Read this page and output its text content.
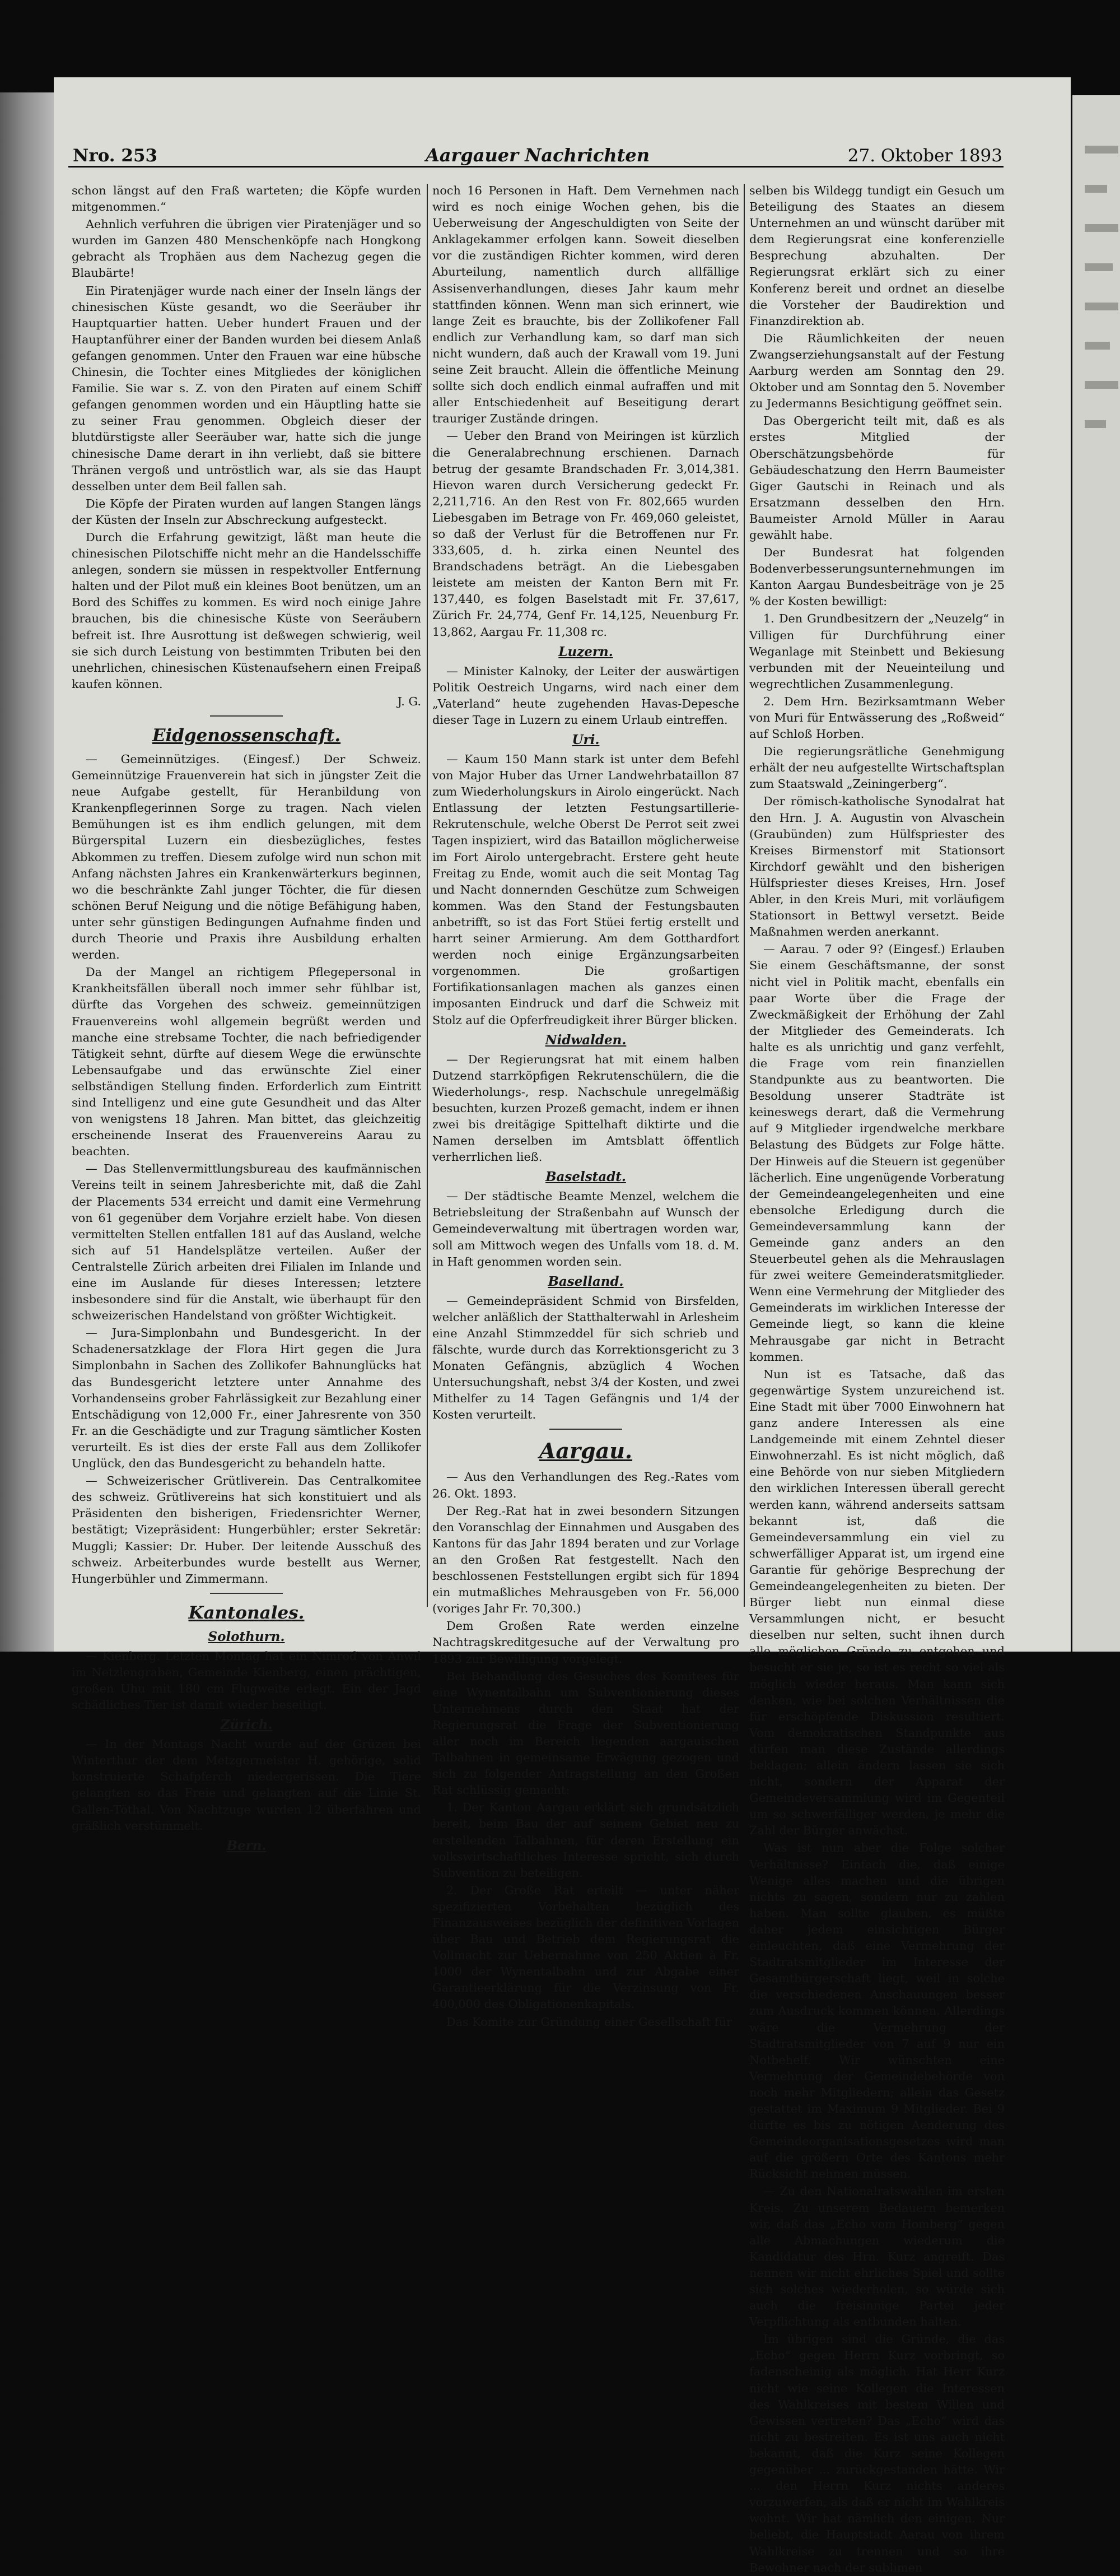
Nro. 253	Aargauer Nachrichten	27. Oktober 1893

schon längst auf den Fraß warteten; die Köpfe wurden mitgenommen.“

Aehnlich verfuhren die übrigen vier Piratenjäger und so wurden im Ganzen 480 Menschenköpfe nach Hongkong gebracht als Trophäen aus dem Nachezug gegen die Blaubärte!

Ein Piratenjäger wurde nach einer der Inseln längs der chinesischen Küste gesandt, wo die Seeräuber ihr Hauptquartier hatten. Ueber hundert Frauen und der Hauptanführer einer der Banden wurden bei diesem Anlaß gefangen genommen. Unter den Frauen war eine hübsche Chinesin, die Tochter eines Mitgliedes der königlichen Familie. Sie war s. Z. von den Piraten auf einem Schiff gefangen genommen worden und ein Häuptling hatte sie zu seiner Frau genommen. Obgleich dieser der blutdürstigste aller Seeräuber war, hatte sich die junge chinesische Dame derart in ihn verliebt, daß sie bittere Thränen vergoß und untröstlich war, als sie das Haupt desselben unter dem Beil fallen sah.

Die Köpfe der Piraten wurden auf langen Stangen längs der Küsten der Inseln zur Abschreckung aufgesteckt.

Durch die Erfahrung gewitzigt, läßt man heute die chinesischen Pilotschiffe nicht mehr an die Handelsschiffe anlegen, sondern sie müssen in respektvoller Entfernung halten und der Pilot muß ein kleines Boot benützen, um an Bord des Schiffes zu kommen. Es wird noch einige Jahre brauchen, bis die chinesische Küste von Seeräubern befreit ist. Ihre Ausrottung ist deßwegen schwierig, weil sie sich durch Leistung von bestimmten Tributen bei den unehrlichen, chinesischen Küstenaufsehern einen Freipaß kaufen können.

J. G.

Eidgenossenschaft.

— Gemeinnütziges. (Eingesf.) Der Schweiz. Gemeinnützige Frauenverein hat sich in jüngster Zeit die neue Aufgabe gestellt, für Heranbildung von Krankenpflegerinnen Sorge zu tragen. Nach vielen Bemühungen ist es ihm endlich gelungen, mit dem Bürgerspital Luzern ein diesbezügliches, festes Abkommen zu treffen. Diesem zufolge wird nun schon mit Anfang nächsten Jahres ein Krankenwärterkurs beginnen, wo die beschränkte Zahl junger Töchter, die für diesen schönen Beruf Neigung und die nötige Befähigung haben, unter sehr günstigen Bedingungen Aufnahme finden und durch Theorie und Praxis ihre Ausbildung erhalten werden.

Da der Mangel an richtigem Pflegepersonal in Krankheitsfällen überall noch immer sehr fühlbar ist, dürfte das Vorgehen des schweiz. gemeinnützigen Frauenvereins wohl allgemein begrüßt werden und manche eine strebsame Tochter, die nach befriedigender Tätigkeit sehnt, dürfte auf diesem Wege die erwünschte Lebensaufgabe und das erwünschte Ziel einer selbständigen Stellung finden. Erforderlich zum Eintritt sind Intelligenz und eine gute Gesundheit und das Alter von wenigstens 18 Jahren. Man bittet, das gleichzeitig erscheinende Inserat des Frauenvereins Aarau zu beachten.

— Das Stellenvermittlungsbureau des kaufmännischen Vereins teilt in seinem Jahresberichte mit, daß die Zahl der Placements 534 erreicht und damit eine Vermehrung von 61 gegenüber dem Vorjahre erzielt habe. Von diesen vermittelten Stellen entfallen 181 auf das Ausland, welche sich auf 51 Handelsplätze verteilen. Außer der Centralstelle Zürich arbeiten drei Filialen im Inlande und eine im Auslande für dieses Interessen; letztere insbesondere sind für die Anstalt, wie überhaupt für den schweizerischen Handelstand von größter Wichtigkeit.

— Jura-Simplonbahn und Bundesgericht. In der Schadenersatzklage der Flora Hirt gegen die Jura Simplonbahn in Sachen des Zollikofer Bahnunglücks hat das Bundesgericht letztere unter Annahme des Vorhandenseins grober Fahrlässigkeit zur Bezahlung einer Entschädigung von 12,000 Fr., einer Jahresrente von 350 Fr. an die Geschädigte und zur Tragung sämtlicher Kosten verurteilt. Es ist dies der erste Fall aus dem Zollikofer Unglück, den das Bundesgericht zu behandeln hatte.

— Schweizerischer Grütliverein. Das Centralkomitee des schweiz. Grütlivereins hat sich konstituiert und als Präsidenten den bisherigen, Friedensrichter Werner, bestätigt; Vizepräsident: Hungerbühler; erster Sekretär: Muggli; Kassier: Dr. Huber. Der leitende Ausschuß des schweiz. Arbeiterbundes wurde bestellt aus Werner, Hungerbühler und Zimmermann.

Kantonales.
Solothurn.

— Kienberg. Letzten Montag hat ein Nimrod von Anwil im Netzlengraben, Gemeinde Kienberg, einen prächtigen, großen Uhu mit 180 cm Flugweite erlegt. Ein der Jagd schädliches Tier ist damit wieder beseitigt.

Zürich.

— In der Montags Nacht wurde auf der Grüzen bei Winterthur der dem Metzgermeister H. gehörige, solid konstruierte Schafpferch niedergerissen. Die Tiere gelangten so das Freie und gelangten auf die Linie St. Gallen-Töthal. Von Nachtzuge wurden 12 überfahren und gräßlich verstümmelt.

Bern.

noch 16 Personen in Haft. Dem Vernehmen nach wird es noch einige Wochen gehen, bis die Ueberweisung der Angeschuldigten von Seite der Anklagekammer erfolgen kann. Soweit dieselben vor die zuständigen Richter kommen, wird deren Aburteilung, namentlich durch allfällige Assisenverhandlungen, dieses Jahr kaum mehr stattfinden können. Wenn man sich erinnert, wie lange Zeit es brauchte, bis der Zollikofener Fall endlich zur Verhandlung kam, so darf man sich nicht wundern, daß auch der Krawall vom 19. Juni seine Zeit braucht. Allein die öffentliche Meinung sollte sich doch endlich einmal aufraffen und mit aller Entschiedenheit auf Beseitigung derart trauriger Zustände dringen.

— Ueber den Brand von Meiringen ist kürzlich die Generalabrechnung erschienen. Darnach betrug der gesamte Brandschaden Fr. 3,014,381. Hievon waren durch Versicherung gedeckt Fr. 2,211,716. An den Rest von Fr. 802,665 wurden Liebesgaben im Betrage von Fr. 469,060 geleistet, so daß der Verlust für die Betroffenen nur Fr. 333,605, d. h. zirka einen Neuntel des Brandschadens beträgt. An die Liebesgaben leistete am meisten der Kanton Bern mit Fr. 137,440, es folgen Baselstadt mit Fr. 37,617, Zürich Fr. 24,774, Genf Fr. 14,125, Neuenburg Fr. 13,862, Aargau Fr. 11,308 rc.

Luzern.

— Minister Kalnoky, der Leiter der auswärtigen Politik Oestreich Ungarns, wird nach einer dem „Vaterland“ heute zugehenden Havas-Depesche dieser Tage in Luzern zu einem Urlaub eintreffen.

Uri.

— Kaum 150 Mann stark ist unter dem Befehl von Major Huber das Urner Landwehrbataillon 87 zum Wiederholungskurs in Airolo eingerückt. Nach Entlassung der letzten Festungsartillerie-Rekrutenschule, welche Oberst De Perrot seit zwei Tagen inspiziert, wird das Bataillon möglicherweise im Fort Airolo untergebracht. Erstere geht heute Freitag zu Ende, womit auch die seit Montag Tag und Nacht donnernden Geschütze zum Schweigen kommen. Was den Stand der Festungsbauten anbetrifft, so ist das Fort Stüei fertig erstellt und harrt seiner Armierung. Am dem Gotthardfort werden noch einige Ergänzungsarbeiten vorgenommen. Die großartigen Fortifikationsanlagen machen als ganzes einen imposanten Eindruck und darf die Schweiz mit Stolz auf die Opferfreudigkeit ihrer Bürger blicken.

Nidwalden.

— Der Regierungsrat hat mit einem halben Dutzend starrköpfigen Rekrutenschülern, die die Wiederholungs-, resp. Nachschule unregelmäßig besuchten, kurzen Prozeß gemacht, indem er ihnen zwei bis dreitägige Spittelhaft diktirte und die Namen derselben im Amtsblatt öffentlich verherrlichen ließ.

Baselstadt.

— Der städtische Beamte Menzel, welchem die Betriebsleitung der Straßenbahn auf Wunsch der Gemeindeverwaltung mit übertragen worden war, soll am Mittwoch wegen des Unfalls vom 18. d. M. in Haft genommen worden sein.

Baselland.

— Gemeindepräsident Schmid von Birsfelden, welcher anläßlich der Statthalterwahl in Arlesheim eine Anzahl Stimmzeddel für sich schrieb und fälschte, wurde durch das Korrektionsgericht zu 3 Monaten Gefängnis, abzüglich 4 Wochen Untersuchungshaft, nebst 3/4 der Kosten, und zwei Mithelfer zu 14 Tagen Gefängnis und 1/4 der Kosten verurteilt.

Aargau.

— Aus den Verhandlungen des Reg.-Rates vom 26. Okt. 1893.

Der Reg.-Rat hat in zwei besondern Sitzungen den Voranschlag der Einnahmen und Ausgaben des Kantons für das Jahr 1894 beraten und zur Vorlage an den Großen Rat festgestellt. Nach den beschlossenen Feststellungen ergibt sich für 1894 ein mutmaßliches Mehrausgeben von Fr. 56,000 (voriges Jahr Fr. 70,300.)

Dem Großen Rate werden einzelne Nachtragskreditgesuche auf der Verwaltung pro 1893 zur Bewilligung vorgelegt.

Bei Behandlung des Gesuches des Komitees für eine Wynentalbahn um Subventionierung dieses Unternehmens durch den Staat hat der Regierungsrat die Frage der Subventionierung aller noch im Bereich liegenden aargauischen Talbahnen in gemeinsame Erwägung gezogen und sich zu folgender Antragstellung an den Großen Rat schlüssig gemacht:

1. Der Kanton Aargau erklärt sich grundsätzlich bereit, beim Bau der auf seinem Gebiet neu zu erstellenden Talbahnen, für deren Erstellung ein volkswirtschaftliches Interesse spricht, sich durch Subvention zu beteiligen.

2. Der Große Rat erteilt — unter näher spezifizierten Vorbehalten bezüglich des Finanzausweises bezüglich der definitiven Vorlagen über Bau und Betrieb dem Regierungsrat die Vollmacht zur Uebernahme von 250 Aktien à Fr. 1000 der Wynentalbahn und zur Abgabe einer Garantieerklärung für die Verzinsung von Fr. 400,000 des Obligationenkapitals.

Das Komite zur Gründung einer Gesellschaft für

selben bis Wildegg tundigt ein Gesuch um Beteiligung des Staates an diesem Unternehmen an und wünscht darüber mit dem Regierungsrat eine konferenzielle Besprechung abzuhalten. Der Regierungsrat erklärt sich zu einer Konferenz bereit und ordnet an dieselbe die Vorsteher der Baudirektion und Finanzdirektion ab.

Die Räumlichkeiten der neuen Zwangserziehungsanstalt auf der Festung Aarburg werden am Sonntag den 29. Oktober und am Sonntag den 5. November zu Jedermanns Besichtigung geöffnet sein.

Das Obergericht teilt mit, daß es als erstes Mitglied der Oberschätzungsbehörde für Gebäudeschatzung den Herrn Baumeister Giger Gautschi in Reinach und als Ersatzmann desselben den Hrn. Baumeister Arnold Müller in Aarau gewählt habe.

Der Bundesrat hat folgenden Bodenverbesserungsunternehmungen im Kanton Aargau Bundesbeiträge von je 25 % der Kosten bewilligt:

1. Den Grundbesitzern der „Neuzelg“ in Villigen für Durchführung einer Weganlage mit Steinbett und Bekiesung verbunden mit der Neueinteilung und wegrechtlichen Zusammenlegung.

2. Dem Hrn. Bezirksamtmann Weber von Muri für Entwässerung des „Roßweid“ auf Schloß Horben.

Die regierungsrätliche Genehmigung erhält der neu aufgestellte Wirtschaftsplan zum Staatswald „Zeiningerberg“.

Der römisch-katholische Synodalrat hat den Hrn. J. A. Augustin von Alvaschein (Graubünden) zum Hülfspriester des Kreises Birmenstorf mit Stationsort Kirchdorf gewählt und den bisherigen Hülfspriester dieses Kreises, Hrn. Josef Abler, in den Kreis Muri, mit vorläufigem Stationsort in Bettwyl versetzt. Beide Maßnahmen werden anerkannt.

— Aarau. 7 oder 9? (Eingesf.) Erlauben Sie einem Geschäftsmanne, der sonst nicht viel in Politik macht, ebenfalls ein paar Worte über die Frage der Zweckmäßigkeit der Erhöhung der Zahl der Mitglieder des Gemeinderats. Ich halte es als unrichtig und ganz verfehlt, die Frage vom rein finanziellen Standpunkte aus zu beantworten. Die Besoldung unserer Stadträte ist keineswegs derart, daß die Vermehrung auf 9 Mitglieder irgendwelche merkbare Belastung des Büdgets zur Folge hätte. Der Hinweis auf die Steuern ist gegenüber lächerlich. Eine ungenügende Vorberatung der Gemeindeangelegenheiten und eine ebensolche Erledigung durch die Gemeindeversammlung kann der Gemeinde ganz anders an den Steuerbeutel gehen als die Mehrauslagen für zwei weitere Gemeinderatsmitglieder. Wenn eine Vermehrung der Mitglieder des Gemeinderats im wirklichen Interesse der Gemeinde liegt, so kann die kleine Mehrausgabe gar nicht in Betracht kommen.

Nun ist es Tatsache, daß das gegenwärtige System unzureichend ist. Eine Stadt mit über 7000 Einwohnern hat ganz andere Interessen als eine Landgemeinde mit einem Zehntel dieser Einwohnerzahl. Es ist nicht möglich, daß eine Behörde von nur sieben Mitgliedern den wirklichen Interessen überall gerecht werden kann, während anderseits sattsam bekannt ist, daß die Gemeindeversammlung ein viel zu schwerfälliger Apparat ist, um irgend eine Garantie für gehörige Besprechung der Gemeindeangelegenheiten zu bieten. Der Bürger liebt nun einmal diese Versammlungen nicht, er besucht dieselben nur selten, sucht ihnen durch alle möglichen Gründe zu entgehen und besucht er sie je, so ist es recht so viel als möglich wieder heraus. Man kann sich denken, wie bei solchen Verhältnissen die für erschöpfende Diskussion resultiert. Vom demokratischen Standpunkte aus dürfen man diese Zustände allerdings beklagen; allein ändern lassen sie sich nicht, sondern der Apparat der Gemeindeversammlung wird im Gegenteil um so schwerfälliger werden, je mehr die Zahl der Bürger anwächst.

Was ist nun aber die Folge solcher Verhältnisse? Einfach die, daß einige Wenige alles machen und die übrigen nichts zu sagen, sondern nur zu zahlen haben. Man sollte glauben, es müßte daher jedem einsichtigen Bürger einleuchten, daß eine Vermehrung der Stadtratsmitglieder im Interesse der Gesamtbürgerschaft liegt, weil in solche die verschiedenen Anschauungen besser zum Ausdruck kommen können. Allerdings wäre die Vermehrung der Stadtratsmitglieder von 7 auf 9 nur ein Notbehelf. Wir wünschten eine Vermehrung der Gemeindebehörde von noch mehr Mitgliedern; allein das Gesetz gestattet im Maximum 9 Mitglieder. Bei 9 dürfte es bis zu nötigen Aenderung des Gemeindeorganisationsgesetzes wird man auf die größern Orte des Kantons mehr Rücksicht nehmen müssen.

— Zu den Nationalratswahlen im ersten Kreis. Zu unserem Bedauern bemerken wir, daß das „Echo vom Homberg“ gegen alle Abmachungen wiederum die Kandidatur des Hrn. Kurz angreift. Das nennen wir nicht ehrliches Spiel und sollte sich solches wiederholen, so würde sich auch die freisinnige Partei jeder Verpflichtung als entbunden halten.

Im übrigen sind die Gründe, die das „Echo“ gegen Herrn Kurz vorbringt, so fadenscheinig als möglich. Hat Herr Kurz nicht wie seine Kollegen die Interessen des Wahlkreises mit bestem Willen und Gewissen vertreten? Das „Echo“ wird das nicht zu bestreiten. Es ist uns auch nicht bekannt, daß die Kurz seine Kollegen gegenüber ... zurückgestanden hätte. Wir ... den Herrn Kurz nichts anderes vorzuwerfen, als daß er nicht im Wahlkreis wohnt. Wir hat nämlich den einigen. Nur beliebt, die Hauptstadt Aarau von ihrem Wahlkreise zu trennen und so ihre Bewohner nach der sublimen
